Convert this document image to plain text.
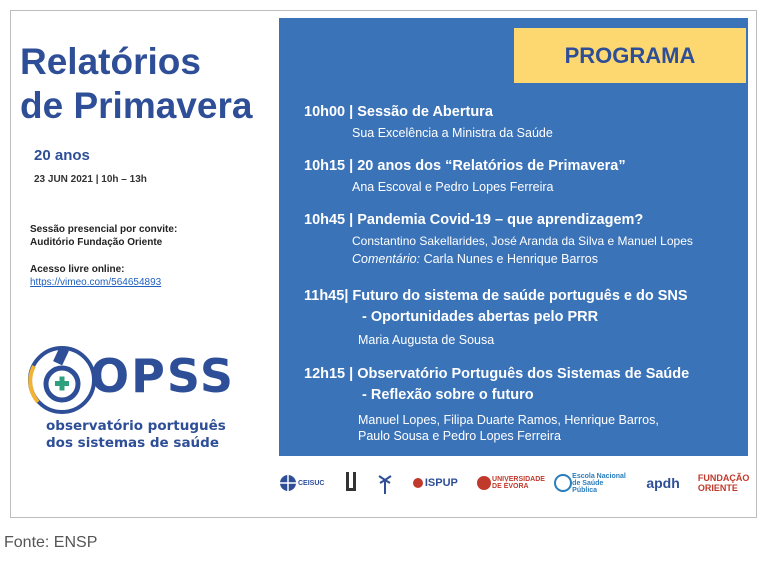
Relatórios

de Primavera

20 anos
23 JUN 2021 | 10h – 13h
Sessão presencial por convite:
Auditório Fundação Oriente
Acesso livre online:
https://vimeo.com/564654893
OPSS
observatório português
dos sistemas de saúde
PROGRAMA
10h00 | Sessão de Abertura
Sua Excelência a Ministra da Saúde
10h15 | 20 anos dos “Relatórios de Primavera”
Ana Escoval e Pedro Lopes Ferreira
10h45 | Pandemia Covid-19 – que aprendizagem?
Constantino Sakellarides, José Aranda da Silva e Manuel Lopes
Comentário: Carla Nunes e Henrique Barros
11h45| Futuro do sistema de saúde português e do SNS
- Oportunidades abertas pelo PRR
Maria Augusta de Sousa
12h15 | Observatório Português dos Sistemas de Saúde
- Reflexão sobre o futuro
Manuel Lopes, Filipa Duarte Ramos, Henrique Barros,
Paulo Sousa e Pedro Lopes Ferreira
CEISUC	ISPUP	UNIVERSIDADE DE ÉVORA
Escola Nacional de Saúde Pública	apdh FUNDAÇÃO ORIENTE
Fonte: ENSP
